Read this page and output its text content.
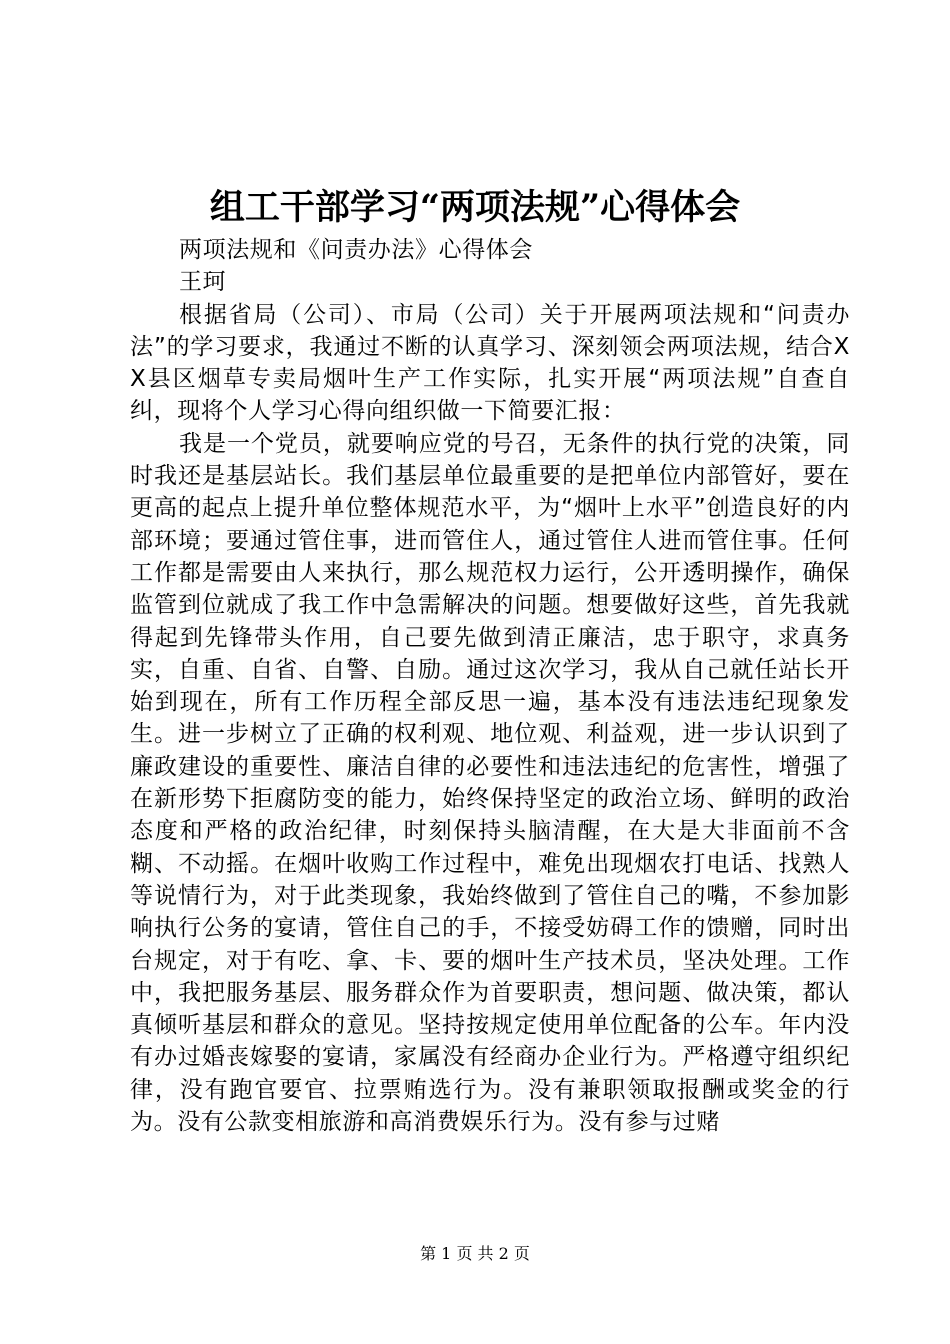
组工干部学习“两项法规”心得体会

两项法规和《问责办法》心得体会

王珂

根据省局（公司）、市局（公司）关于开展两项法规和“问责办法”的学习要求，我通过不断的认真学习、深刻领会两项法规，结合XX县区烟草专卖局烟叶生产工作实际，扎实开展“两项法规”自查自纠，现将个人学习心得向组织做一下简要汇报：

我是一个党员，就要响应党的号召，无条件的执行党的决策，同时我还是基层站长。我们基层单位最重要的是把单位内部管好，要在更高的起点上提升单位整体规范水平，为“烟叶上水平”创造良好的内部环境；要通过管住事，进而管住人，通过管住人进而管住事。任何工作都是需要由人来执行，那么规范权力运行，公开透明操作，确保监管到位就成了我工作中急需解决的问题。想要做好这些，首先我就得起到先锋带头作用，自己要先做到清正廉洁，忠于职守，求真务实，自重、自省、自警、自励。通过这次学习，我从自己就任站长开始到现在，所有工作历程全部反思一遍，基本没有违法违纪现象发生。进一步树立了正确的权利观、地位观、利益观，进一步认识到了廉政建设的重要性、廉洁自律的必要性和违法违纪的危害性，增强了在新形势下拒腐防变的能力，始终保持坚定的政治立场、鲜明的政治态度和严格的政治纪律，时刻保持头脑清醒，在大是大非面前不含糊、不动摇。在烟叶收购工作过程中，难免出现烟农打电话、找熟人等说情行为，对于此类现象，我始终做到了管住自己的嘴，不参加影响执行公务的宴请，管住自己的手，不接受妨碍工作的馈赠，同时出台规定，对于有吃、拿、卡、要的烟叶生产技术员，坚决处理。工作中，我把服务基层、服务群众作为首要职责，想问题、做决策，都认真倾听基层和群众的意见。坚持按规定使用单位配备的公车。年内没有办过婚丧嫁娶的宴请，家属没有经商办企业行为。严格遵守组织纪律，没有跑官要官、拉票贿选行为。没有兼职领取报酬或奖金的行为。没有公款变相旅游和高消费娱乐行为。没有参与过赌

第 1 页 共 2 页
